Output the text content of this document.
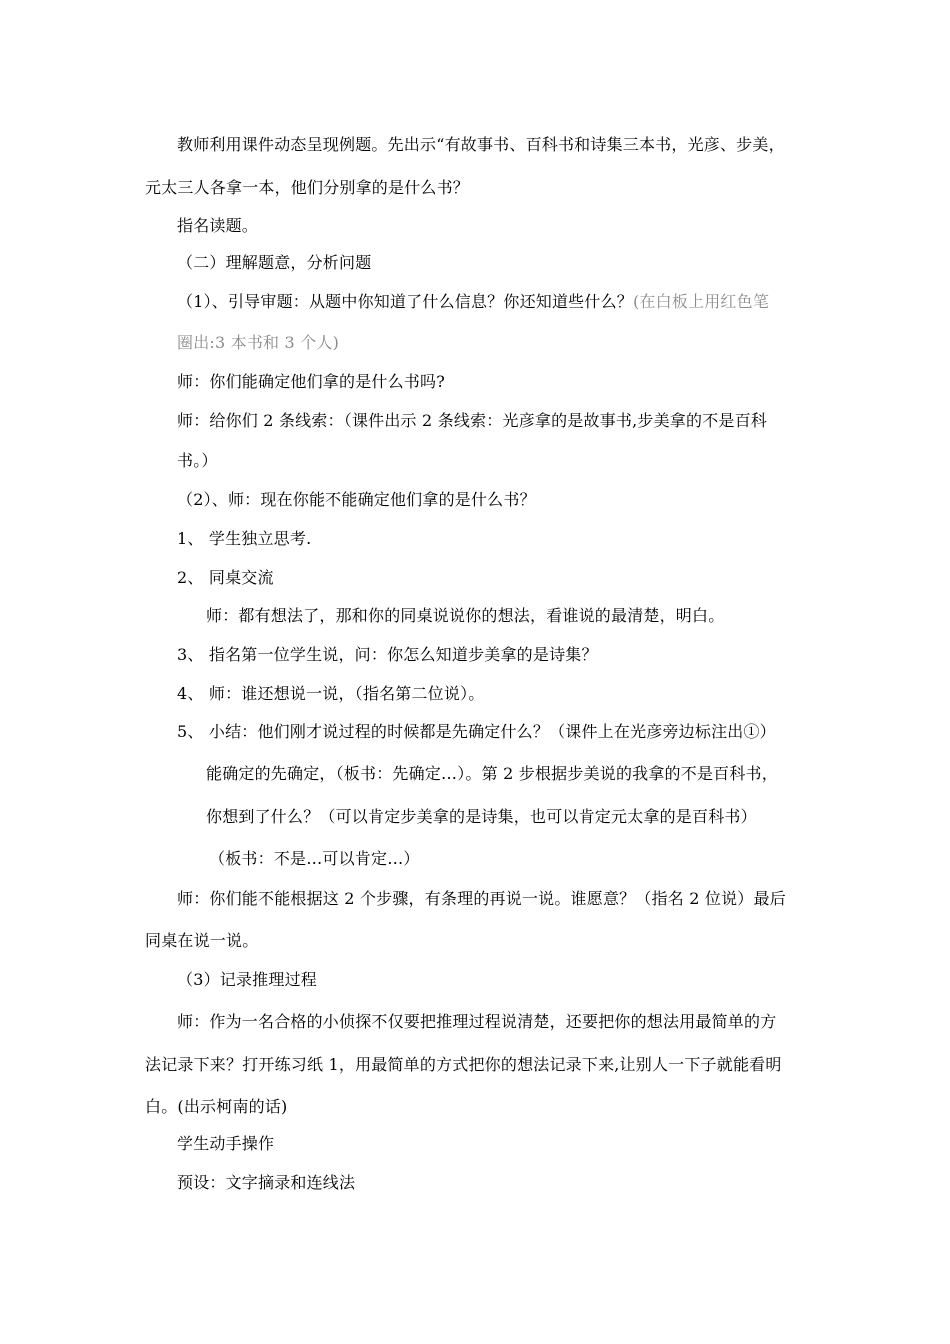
教师利用课件动态呈现例题。先出示“有故事书、百科书和诗集三本书，光彦、步美，
元太三人各拿一本，他们分别拿的是什么书？
指名读题。
（二）理解题意，分析问题
（1）、引导审题：从题中你知道了什么信息？你还知道些什么？(在白板上用红色笔
圈出:3 本书和 3 个人)
师：你们能确定他们拿的是什么书吗?
师：给你们 2 条线索：（课件出示 2 条线索：光彦拿的是故事书,步美拿的不是百科
书。）
（2）、师：现在你能不能确定他们拿的是什么书？
1、 学生独立思考.
2、 同桌交流
师：都有想法了，那和你的同桌说说你的想法，看谁说的最清楚，明白。
3、 指名第一位学生说，问：你怎么知道步美拿的是诗集？
4、 师：谁还想说一说，（指名第二位说）。
5、 小结：他们刚才说过程的时候都是先确定什么？（课件上在光彦旁边标注出①）
能确定的先确定，（板书：先确定…）。第 2 步根据步美说的我拿的不是百科书，
你想到了什么？（可以肯定步美拿的是诗集，也可以肯定元太拿的是百科书）
（板书：不是…可以肯定…）
师：你们能不能根据这 2 个步骤，有条理的再说一说。谁愿意？（指名 2 位说）最后
同桌在说一说。
（3）记录推理过程
师：作为一名合格的小侦探不仅要把推理过程说清楚，还要把你的想法用最简单的方
法记录下来？打开练习纸 1，用最简单的方式把你的想法记录下来,让别人一下子就能看明
白。(出示柯南的话)
学生动手操作
预设：文字摘录和连线法
